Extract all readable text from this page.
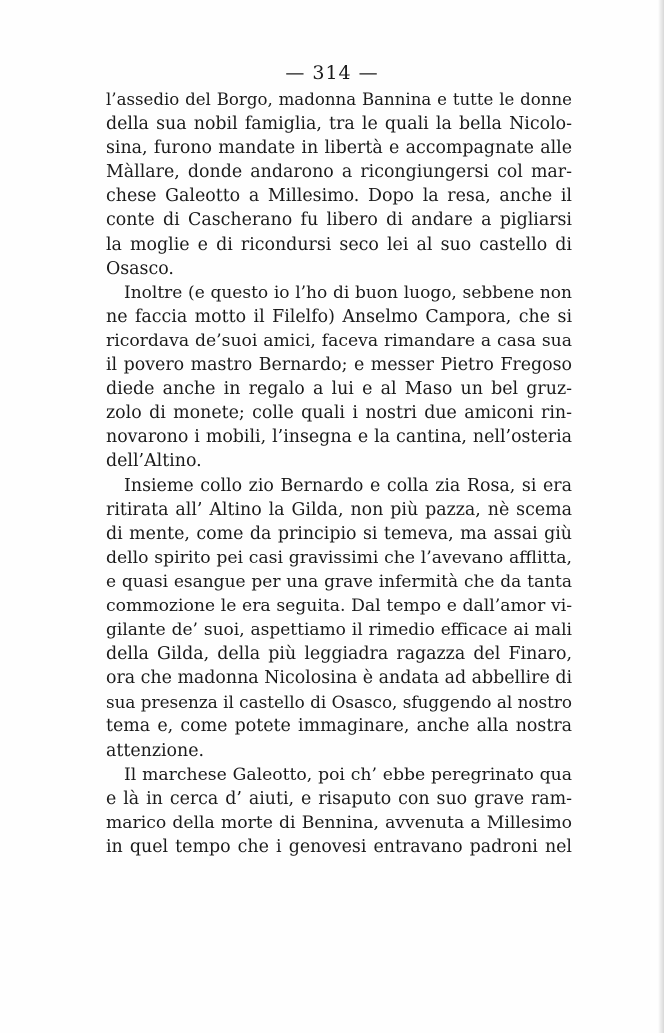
— 314 —
l’assedio del Borgo, madonna Bannina e tutte le donne
della sua nobil famiglia, tra le quali la bella Nicolo-
sina, furono mandate in libertà e accompagnate alle
Màllare, donde andarono a ricongiungersi col mar-
chese Galeotto a Millesimo. Dopo la resa, anche il
conte di Cascherano fu libero di andare a pigliarsi
la moglie e di ricondursi seco lei al suo castello di
Osasco.
Inoltre (e questo io l’ho di buon luogo, sebbene non
ne faccia motto il Filelfo) Anselmo Campora, che si
ricordava de’suoi amici, faceva rimandare a casa sua
il povero mastro Bernardo; e messer Pietro Fregoso
diede anche in regalo a lui e al Maso un bel gruz-
zolo di monete; colle quali i nostri due amiconi rin-
novarono i mobili, l’insegna e la cantina, nell’osteria
dell’Altino.
Insieme collo zio Bernardo e colla zia Rosa, si era
ritirata all’ Altino la Gilda, non più pazza, nè scema
di mente, come da principio si temeva, ma assai giù
dello spirito pei casi gravissimi che l’avevano afflitta,
e quasi esangue per una grave infermità che da tanta
commozione le era seguita. Dal tempo e dall’amor vi-
gilante de’ suoi, aspettiamo il rimedio efficace ai mali
della Gilda, della più leggiadra ragazza del Finaro,
ora che madonna Nicolosina è andata ad abbellire di
sua presenza il castello di Osasco, sfuggendo al nostro
tema e, come potete immaginare, anche alla nostra
attenzione.
Il marchese Galeotto, poi ch’ ebbe peregrinato qua
e là in cerca d’ aiuti, e risaputo con suo grave ram-
marico della morte di Bennina, avvenuta a Millesimo
in quel tempo che i genovesi entravano padroni nel
